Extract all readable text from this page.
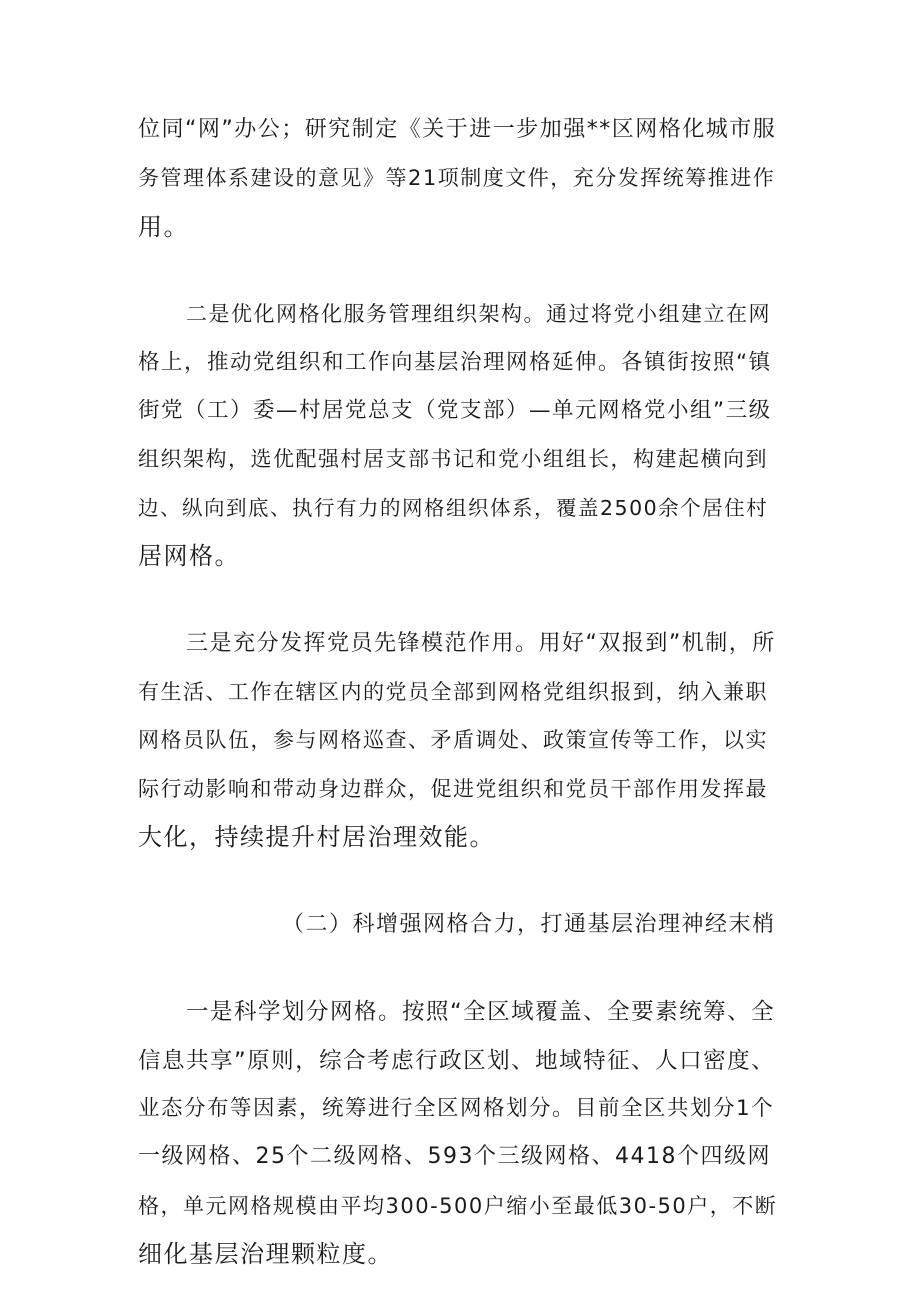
位同“网”办公；研究制定《关于进一步加强**区网格化城市服
务管理体系建设的意见》等21项制度文件，充分发挥统筹推进作
用。
二是优化网格化服务管理组织架构。通过将党小组建立在网
格上，推动党组织和工作向基层治理网格延伸。各镇街按照“镇
街党（工）委—村居党总支（党支部）—单元网格党小组”三级
组织架构，选优配强村居支部书记和党小组组长，构建起横向到
边、纵向到底、执行有力的网格组织体系，覆盖2500余个居住村
居网格。
三是充分发挥党员先锋模范作用。用好“双报到”机制，所
有生活、工作在辖区内的党员全部到网格党组织报到，纳入兼职
网格员队伍，参与网格巡查、矛盾调处、政策宣传等工作，以实
际行动影响和带动身边群众，促进党组织和党员干部作用发挥最
大化，持续提升村居治理效能。
（二）科增强网格合力，打通基层治理神经末梢
一是科学划分网格。按照“全区域覆盖、全要素统筹、全
信息共享”原则，综合考虑行政区划、地域特征、人口密度、
业态分布等因素，统筹进行全区网格划分。目前全区共划分1个
一级网格、25个二级网格、593个三级网格、4418个四级网
格，单元网格规模由平均300-500户缩小至最低30-50户，不断
细化基层治理颗粒度。
